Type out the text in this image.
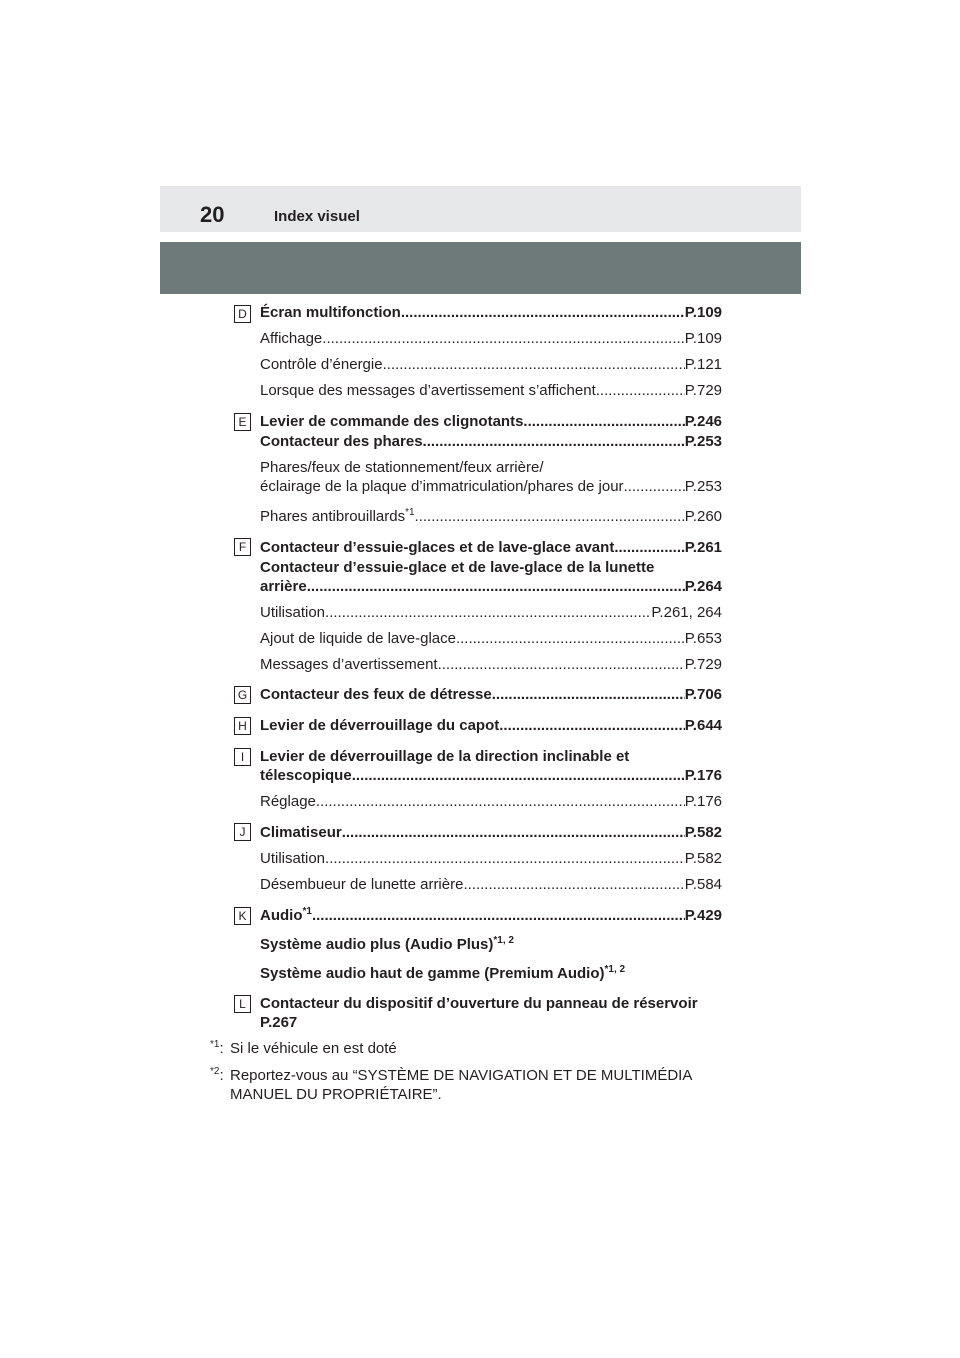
20	Index visuel
D Écran multifonction .....	P.109
Affichage .....	P.109
Contrôle d’énergie .....	P.121
Lorsque des messages d’avertissement s’affichent .....	P.729
E Levier de commande des clignotants .....	P.246
Contacteur des phares .....	P.253
Phares/feux de stationnement/feux arrière/
éclairage de la plaque d’immatriculation/phares de jour .....	P.253
Phares antibrouillards$^{*1}$ .....	P.260
F Contacteur d’essuie-glaces et de lave-glace avant .....	P.261
Contacteur d’essuie-glace et de lave-glace de la lunette
arrière .....	P.264
Utilisation .....	P.261, 264
Ajout de liquide de lave-glace .....	P.653
Messages d’avertissement .....	P.729
G Contacteur des feux de détresse .....	P.706
H Levier de déverrouillage du capot .....	P.644
I	Levier de déverrouillage de la direction inclinable et
télescopique .....	P.176
Réglage .....	P.176
J Climatiseur .....	P.582
Utilisation .....	P.582
Désembueur de lunette arrière .....	P.584
K Audio$^{*1}$ .....	P.429
Système audio plus (Audio Plus)$^{*1, 2}$
Système audio haut de gamme (Premium Audio)$^{*1, 2}$
L Contacteur du dispositif d’ouverture du panneau de réservoir
P.267
$^{*1}$: Si le véhicule en est doté
$^{*2}$: Reportez-vous au “SYSTÈME DE NAVIGATION ET DE MULTIMÉDIA MANUEL DU PROPRIÉTAIRE”.
